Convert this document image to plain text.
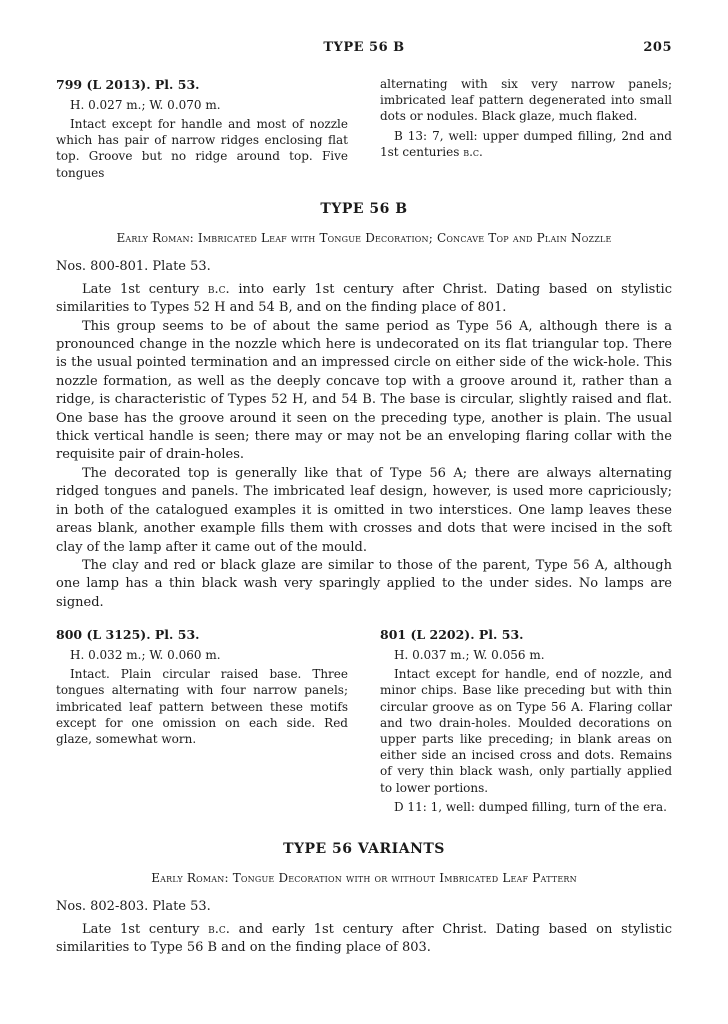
TYPE 56 B	205

799 (L 2013). Pl. 53.

H. 0.027 m.; W. 0.070 m.

Intact except for handle and most of nozzle which has pair of narrow ridges enclosing flat top. Groove but no ridge around top. Five tongues

alternating with six very narrow panels; imbricated leaf pattern degenerated into small dots or nodules. Black glaze, much flaked.

B 13: 7, well: upper dumped filling, 2nd and 1st centuries b.c.

TYPE 56 B
Early Roman: Imbricated Leaf with Tongue Decoration; Concave Top and Plain Nozzle

Nos. 800-801. Plate 53.

Late 1st century b.c. into early 1st century after Christ. Dating based on stylistic similarities to Types 52 H and 54 B, and on the finding place of 801.

This group seems to be of about the same period as Type 56 A, although there is a pronounced change in the nozzle which here is undecorated on its flat triangular top. There is the usual pointed termination and an impressed circle on either side of the wick-hole. This nozzle formation, as well as the deeply concave top with a groove around it, rather than a ridge, is characteristic of Types 52 H, and 54 B. The base is circular, slightly raised and flat. One base has the groove around it seen on the preceding type, another is plain. The usual thick vertical handle is seen; there may or may not be an enveloping flaring collar with the requisite pair of drain-holes.

The decorated top is generally like that of Type 56 A; there are always alternating ridged tongues and panels. The imbricated leaf design, however, is used more capriciously; in both of the catalogued examples it is omitted in two interstices. One lamp leaves these areas blank, another example fills them with crosses and dots that were incised in the soft clay of the lamp after it came out of the mould.

The clay and red or black glaze are similar to those of the parent, Type 56 A, although one lamp has a thin black wash very sparingly applied to the under sides. No lamps are signed.

800 (L 3125). Pl. 53.

H. 0.032 m.; W. 0.060 m.

Intact. Plain circular raised base. Three tongues alternating with four narrow panels; imbricated leaf pattern between these motifs except for one omission on each side. Red glaze, somewhat worn.

801 (L 2202). Pl. 53.

H. 0.037 m.; W. 0.056 m.

Intact except for handle, end of nozzle, and minor chips. Base like preceding but with thin circular groove as on Type 56 A. Flaring collar and two drain-holes. Moulded decorations on upper parts like preceding; in blank areas on either side an incised cross and dots. Remains of very thin black wash, only partially applied to lower portions.

D 11: 1, well: dumped filling, turn of the era.

TYPE 56 VARIANTS
Early Roman: Tongue Decoration with or without Imbricated Leaf Pattern

Nos. 802-803. Plate 53.

Late 1st century b.c. and early 1st century after Christ. Dating based on stylistic similarities to Type 56 B and on the finding place of 803.
